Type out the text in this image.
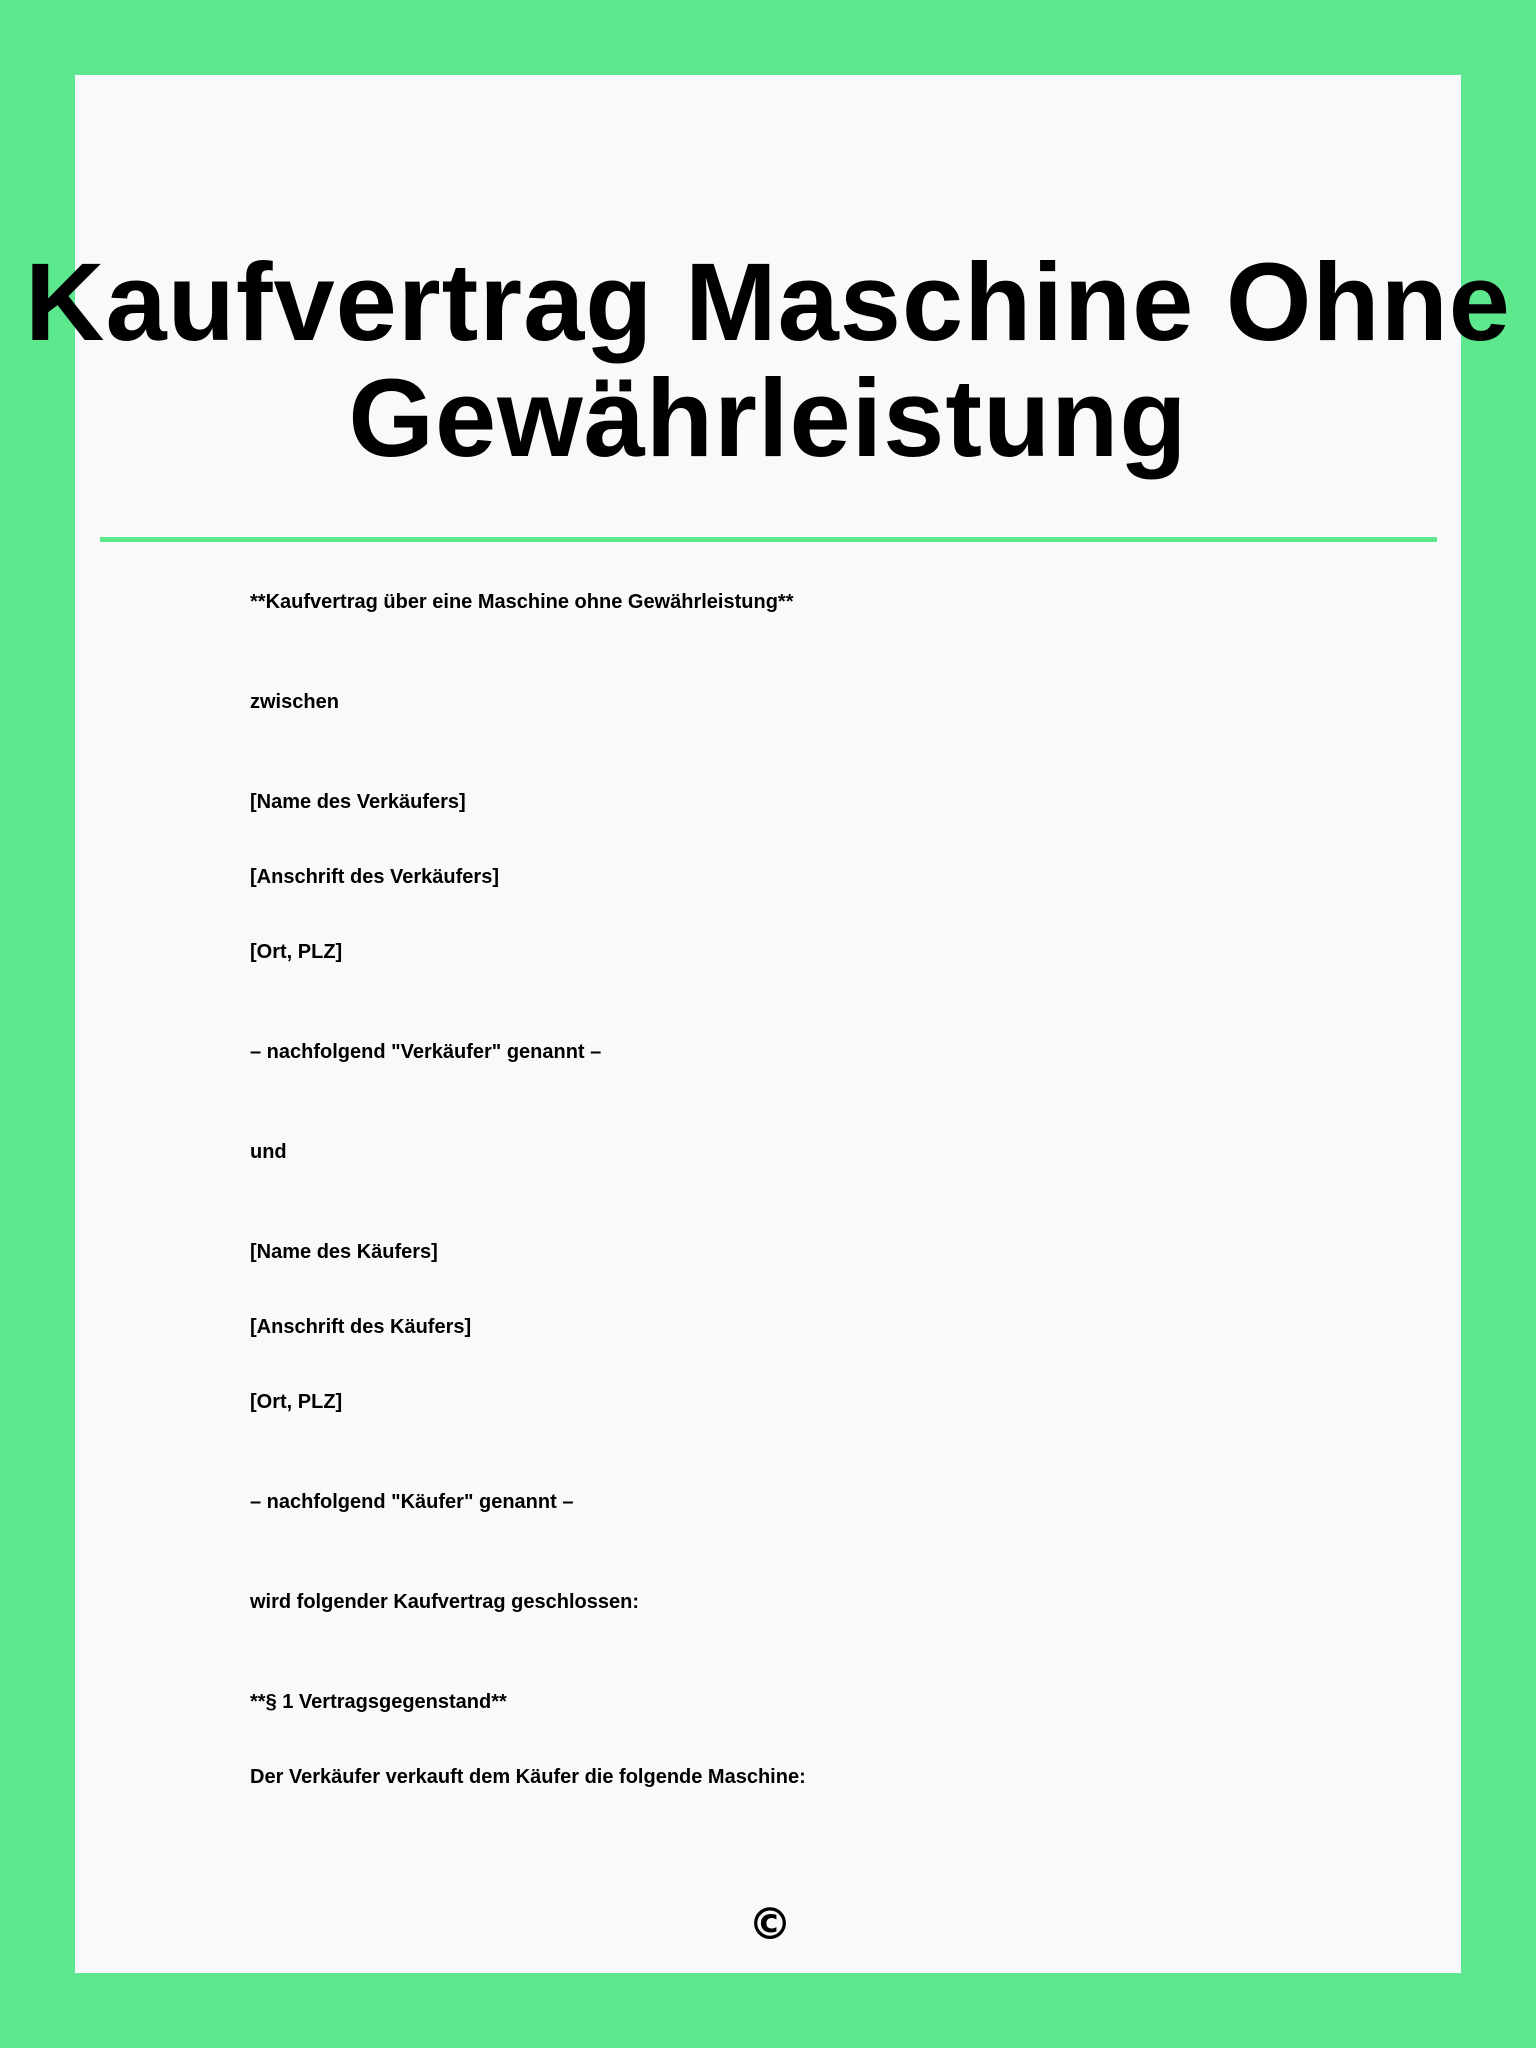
Kaufvertrag Maschine Ohne Gewährleistung

**Kaufvertrag über eine Maschine ohne Gewährleistung**

zwischen

[Name des Verkäufers]

[Anschrift des Verkäufers]

[Ort, PLZ]

– nachfolgend "Verkäufer" genannt –

und

[Name des Käufers]

[Anschrift des Käufers]

[Ort, PLZ]

– nachfolgend "Käufer" genannt –

wird folgender Kaufvertrag geschlossen:

**§ 1 Vertragsgegenstand**

Der Verkäufer verkauft dem Käufer die folgende Maschine:

©
